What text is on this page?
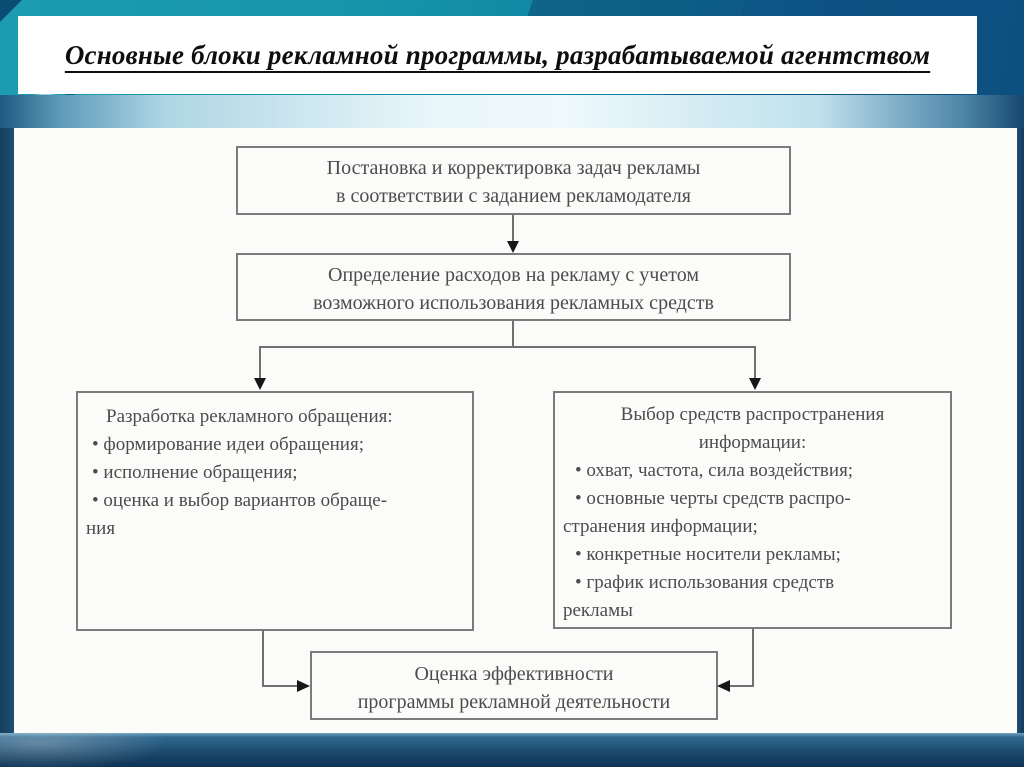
Основные блоки рекламной программы, разрабатываемой агентством
Постановка и корректировка задач рекламы
в соответствии с заданием рекламодателя
Определение расходов на рекламу с учетом
возможного использования рекламных средств
Разработка рекламного обращения:
• формирование идеи обращения;
• исполнение обращения;
• оценка и выбор вариантов обраще-
ния
Выбор средств распространения
информации:
• охват, частота, сила воздействия;
• основные черты средств распро-
странения информации;
• конкретные носители рекламы;
• график использования средств
рекламы
Оценка эффективности
программы рекламной деятельности
